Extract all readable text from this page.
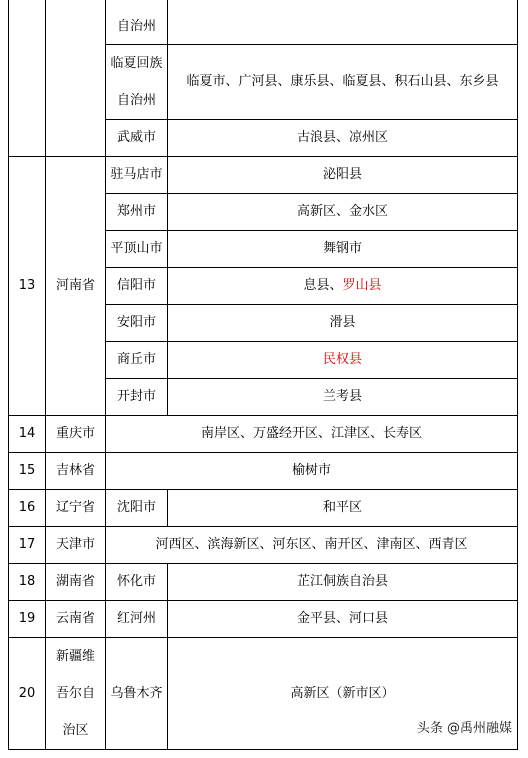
		自治州	
		临夏回族自治州	临夏市、广河县、康乐县、临夏县、积石山县、东乡县
		武威市	古浪县、凉州区
13	河南省	驻马店市	泌阳县
		郑州市	高新区、金水区
		平顶山市	舞钢市
		信阳市	息县、罗山县
		安阳市	滑县
		商丘市	民权县
		开封市	兰考县
14	重庆市	南岸区、万盛经开区、江津区、长寿区	
15	吉林省	榆树市	
16	辽宁省	沈阳市	和平区
17	天津市	河西区、滨海新区、河东区、南开区、津南区、西青区	
18	湖南省	怀化市	芷江侗族自治县
19	云南省	红河州	金平县、河口县
20	新疆维吾尔自治区	乌鲁木齐	高新区（新市区）
头条 @禹州融媒
